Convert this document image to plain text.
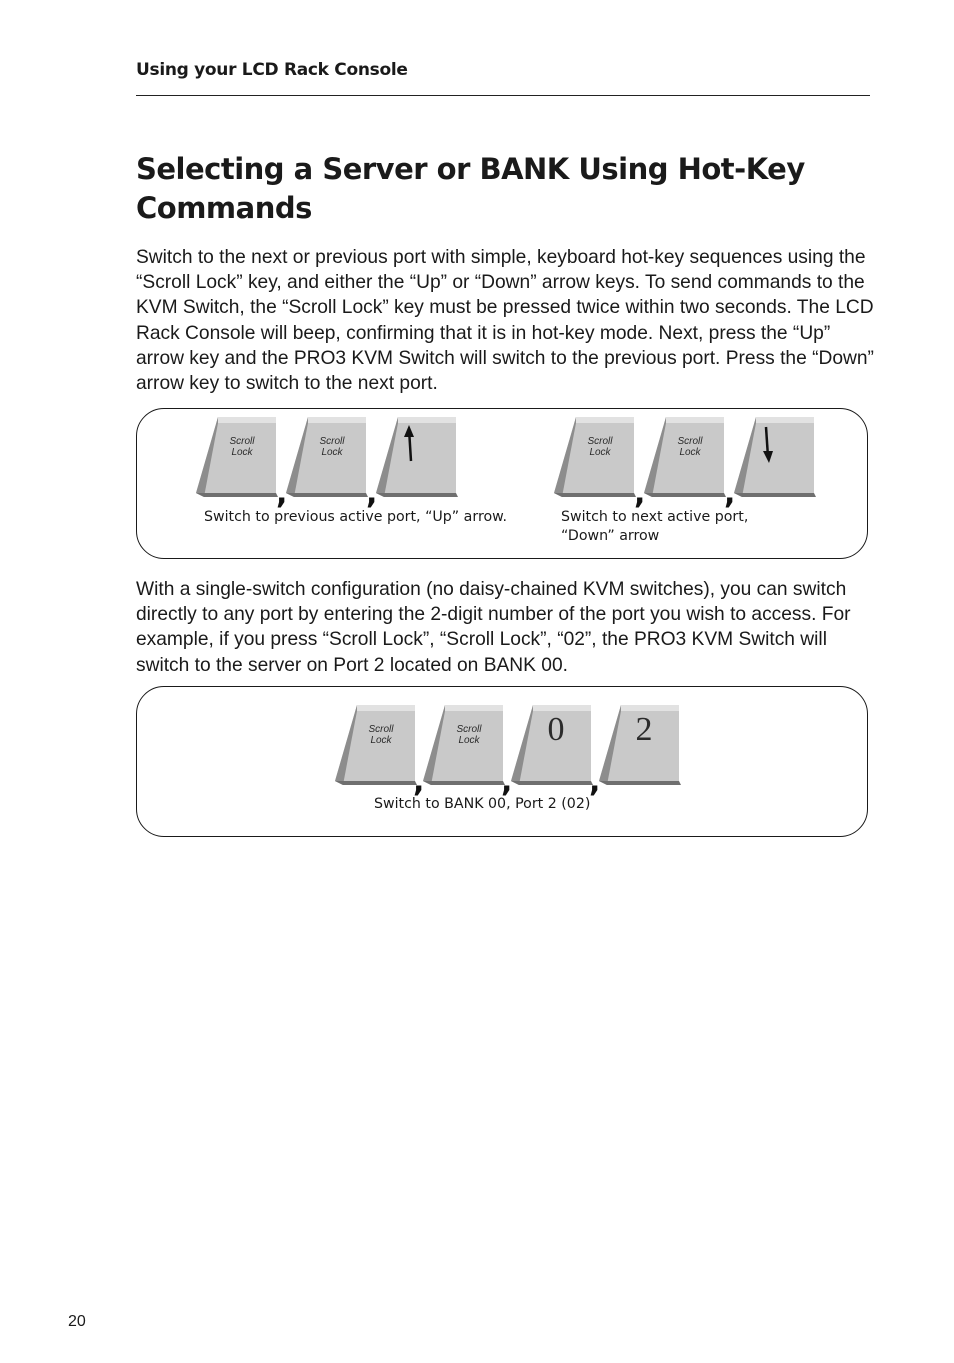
Using your LCD Rack Console
Selecting a Server or BANK Using Hot-Key Commands

Switch to the next or previous port with simple, keyboard hot-key sequences using the “Scroll Lock” key, and either the “Up” or “Down” arrow keys. To send commands to the KVM Switch, the “Scroll Lock” key must be pressed twice within two seconds. The LCD Rack Console will beep, confirming that it is in hot-key mode. Next, press the “Up” arrow key and the PRO3 KVM Switch will switch to the previous port. Press the “Down” arrow key to switch to the next port.

Scroll
Lock
,
Scroll
Lock
,
Scroll
Lock
,
Scroll
Lock
,
Switch to previous active port, “Up” arrow.	Switch to next active port,
“Down” arrow

With a single-switch configuration (no daisy-chained KVM switches), you can switch directly to any port by entering the 2-digit number of the port you wish to access. For example, if you press “Scroll Lock”, “Scroll Lock”, “02”, the PRO3 KVM Switch will switch to the server on Port 2 located on BANK 00.

Scroll
Lock
,
Scroll
Lock
,
0
,
2
Switch to BANK 00, Port 2 (02)
20
